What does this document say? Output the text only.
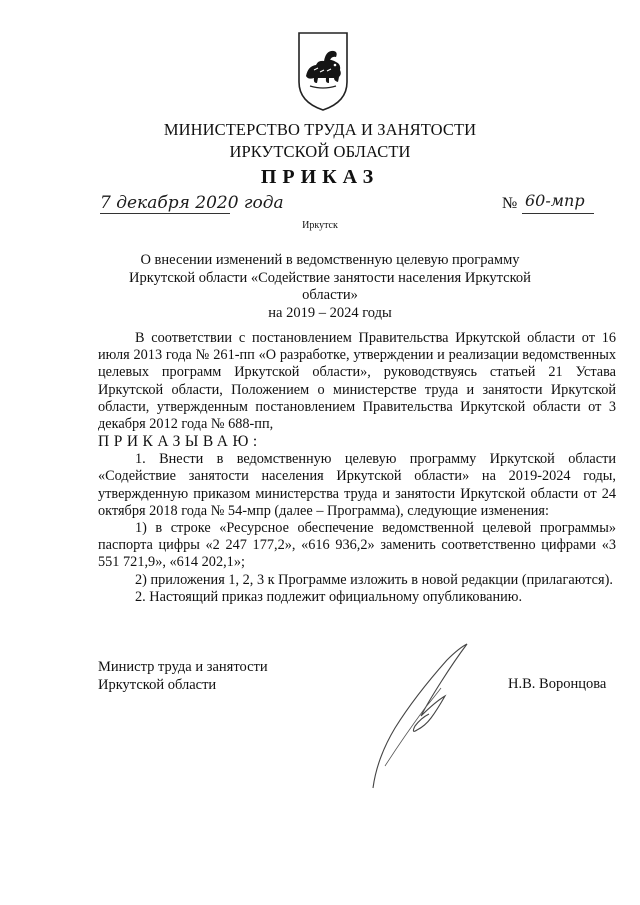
МИНИСТЕРСТВО ТРУДА И ЗАНЯТОСТИ
ИРКУТСКОЙ ОБЛАСТИ
ПРИКАЗ
7 декабря 2020 года	№ 60-мпр
Иркутск
О внесении изменений в ведомственную целевую программу
Иркутской области «Содействие занятости населения Иркутской области»
на 2019 – 2024 годы

В соответствии с постановлением Правительства Иркутской области от 16 июля 2013 года № 261-пп «О разработке, утверждении и реализации ведомственных целевых программ Иркутской области», руководствуясь статьей 21 Устава Иркутской области, Положением о министерстве труда и занятости Иркутской области, утвержденным постановлением Правительства Иркутской области от 3 декабря 2012 года № 688-пп,

ПРИКАЗЫВАЮ:

1. Внести в ведомственную целевую программу Иркутской области «Содействие занятости населения Иркутской области» на 2019-2024 годы, утвержденную приказом министерства труда и занятости Иркутской области от 24 октября 2018 года № 54-мпр (далее – Программа), следующие изменения:

1) в строке «Ресурсное обеспечение ведомственной целевой программы» паспорта цифры «2 247 177,2», «616 936,2» заменить соответственно цифрами «3 551 721,9», «614 202,1»;

2) приложения 1, 2, 3 к Программе изложить в новой редакции (прилагаются).

2. Настоящий приказ подлежит официальному опубликованию.

Министр труда и занятости
Иркутской области	Н.В. Воронцова
